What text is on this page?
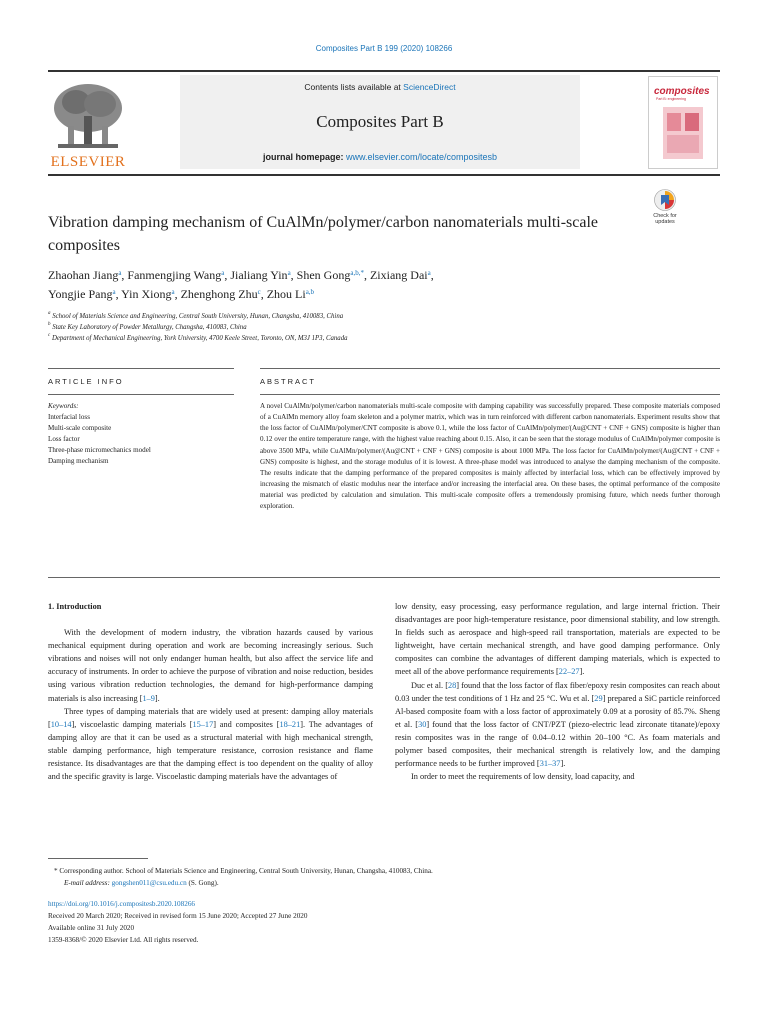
Composites Part B 199 (2020) 108266
ELSEVIER
Contents lists available at ScienceDirect
Composites Part B
journal homepage: www.elsevier.com/locate/compositesb
composites
Part B: engineering
Check for
updates
Vibration damping mechanism of CuAlMn/polymer/carbon nanomaterials multi-scale composites
Zhaohan Jiang$^a$, Fanmengjing Wang$^a$, Jialiang Yin$^a$, Shen Gong$^{a,b,*}$, Zixiang Dai$^a$,
Yongjie Pang$^a$, Yin Xiong$^a$, Zhenghong Zhu$^c$, Zhou Li$^{a,b}$
$^a$ School of Materials Science and Engineering, Central South University, Hunan, Changsha, 410083, China
$^b$ State Key Laboratory of Powder Metallurgy, Changsha, 410083, China
$^c$ Department of Mechanical Engineering, York University, 4700 Keele Street, Toronto, ON, M3J 1P3, Canada
ARTICLE INFO	ABSTRACT
Keywords:
Interfacial loss
Multi-scale composite
Loss factor
Three-phase micromechanics model
Damping mechanism
A novel CuAlMn/polymer/carbon nanomaterials multi-scale composite with damping capability was successfully prepared. These composite materials composed of a CuAlMn memory alloy foam skeleton and a polymer matrix, which was in turn reinforced with different carbon nanomaterials. Experiment results show that the loss factor of CuAlMn/polymer/CNT composite is above 0.1, while the loss factor of CuAlMn/polymer/(Au@CNT + CNF + GNS) composite is higher than 0.12 over the entire temperature range, with the highest value reaching about 0.15. Also, it can be seen that the storage modulus of CuAlMn/polymer composite is above 3500 MPa, while CuAlMn/polymer/(Au@CNT + CNF + GNS) composite is about 1000 MPa. The loss factor for CuAlMn/polymer/(Au@CNT + CNF + GNS) composite is highest, and the storage modulus of it is lowest. A three-phase model was introduced to analyse the damping mechanism of the composite. The results indicate that the damping performance of the prepared composites is mainly affected by interfacial loss, which can be effectively improved by increasing the mismatch of elastic modulus near the interface and/or increasing the interfacial area. On these bases, the optimal performance of the composite material was predicted by calculation and simulation. This multi-scale composite offers a tremendously promising future, which needs further thorough exploration.

1. Introduction

With the development of modern industry, the vibration hazards caused by various mechanical equipment during operation and work are becoming increasingly serious. Such vibrations and noises will not only endanger human health, but also affect the service life and accuracy of instruments. In order to achieve the purpose of vibration and noise reduction, besides using various vibration reduction technologies, the demand for high-performance damping materials is also increasing [1–9].

Three types of damping materials that are widely used at present: damping alloy materials [10–14], viscoelastic damping materials [15–17] and composites [18–21]. The advantages of damping alloy are that it can be used as a structural material with high mechanical strength, stable damping performance, high temperature resistance, corrosion resistance and flame resistance. Its disadvantages are that the damping effect is too dependent on the quality of alloy and the specific gravity is large. Viscoelastic damping materials have the advantages of

low density, easy processing, easy performance regulation, and large internal friction. Their disadvantages are poor high-temperature resistance, poor dimensional stability, and low strength. In fields such as aerospace and high-speed rail transportation, materials are expected to be lightweight, have certain mechanical strength, and have good damping performance. Only composites can combine the advantages of different damping materials, which is expected to meet all of the above performance requirements [22–27].

Duc et al. [28] found that the loss factor of flax fiber/epoxy resin composites can reach about 0.03 under the test conditions of 1 Hz and 25 °C. Wu et al. [29] prepared a SiC particle reinforced Al-based composite foam with a loss factor of approximately 0.09 at a porosity of 85.7%. Sheng et al. [30] found that the loss factor of CNT/PZT (piezo-electric lead zirconate titanate)/epoxy resin composites was in the range of 0.04–0.12 within 20–100 °C. As foam materials and polymer based composites, their mechanical strength is relatively low, and the damping performance needs to be further improved [31–37].

In order to meet the requirements of low density, load capacity, and

* Corresponding author. School of Materials Science and Engineering, Central South University, Hunan, Changsha, 410083, China.
E-mail address: gongshen011@csu.edu.cn (S. Gong).
https://doi.org/10.1016/j.compositesb.2020.108266
Received 20 March 2020; Received in revised form 15 June 2020; Accepted 27 June 2020
Available online 31 July 2020
1359-8368/© 2020 Elsevier Ltd. All rights reserved.
